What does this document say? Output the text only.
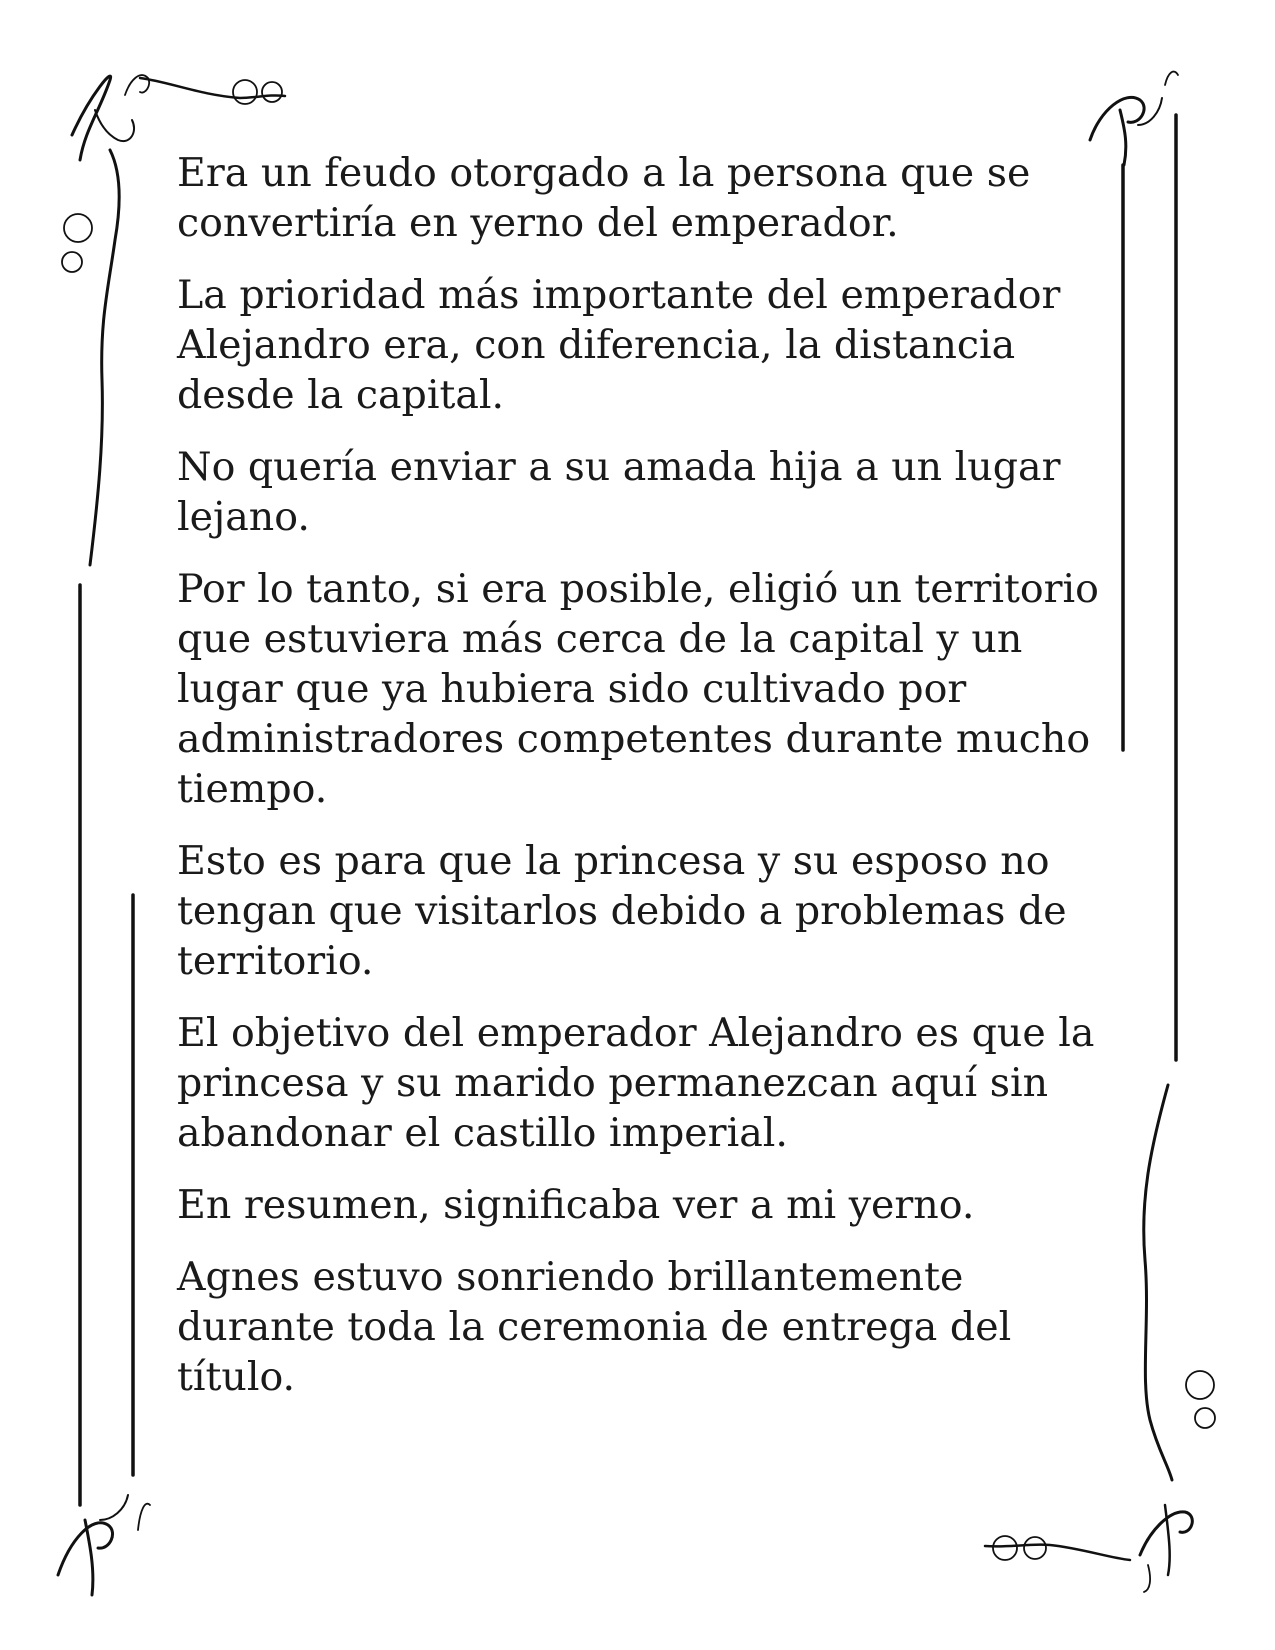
Era un feudo otorgado a la persona que se convertiría en yerno del emperador.

La prioridad más importante del emperador Alejandro era, con diferencia, la distancia desde la capital.

No quería enviar a su amada hija a un lugar lejano.

Por lo tanto, si era posible, eligió un territorio que estuviera más cerca de la capital y un lugar que ya hubiera sido cultivado por administradores competentes durante mucho tiempo.

Esto es para que la princesa y su esposo no tengan que visitarlos debido a problemas de territorio.

El objetivo del emperador Alejandro es que la princesa y su marido permanezcan aquí sin abandonar el castillo imperial.

En resumen, significaba ver a mi yerno.

Agnes estuvo sonriendo brillantemente durante toda la ceremonia de entrega del título.
